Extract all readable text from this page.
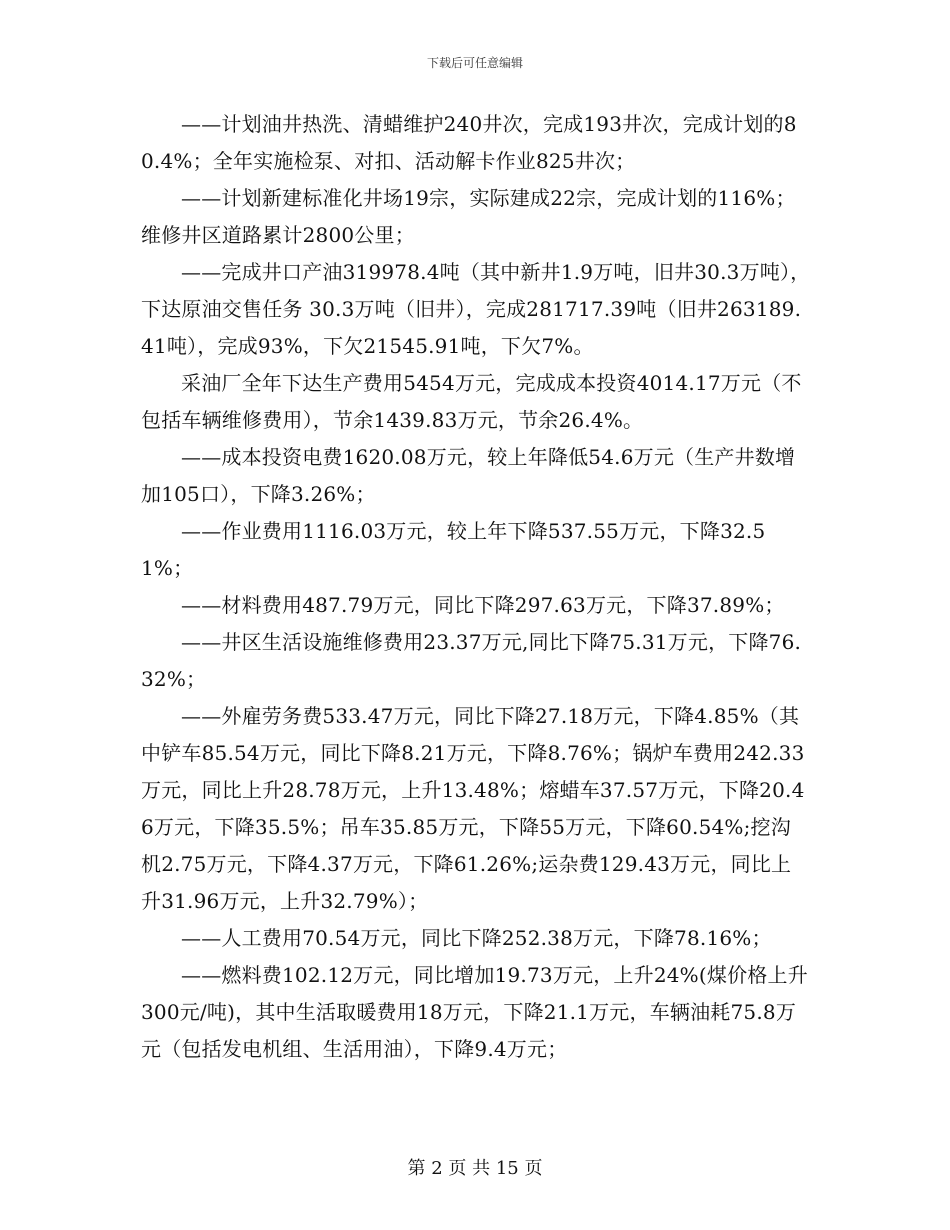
下载后可任意编辑

——计划油井热洗、清蜡维护240井次，完成193井次，完成计划的80.4%；全年实施检泵、对扣、活动解卡作业825井次；

——计划新建标准化井场19宗，实际建成22宗，完成计划的116%；维修井区道路累计2800公里；

——完成井口产油319978.4吨（其中新井1.9万吨，旧井30.3万吨），下达原油交售任务 30.3万吨（旧井），完成281717.39吨（旧井263189.41吨），完成93%，下欠21545.91吨，下欠7%。

采油厂全年下达生产费用5454万元，完成成本投资4014.17万元（不包括车辆维修费用），节余1439.83万元，节余26.4%。

——成本投资电费1620.08万元，较上年降低54.6万元（生产井数增加105口），下降3.26%；

——作业费用1116.03万元，较上年下降537.55万元，下降32.51%；

——材料费用487.79万元，同比下降297.63万元，下降37.89%；

——井区生活设施维修费用23.37万元,同比下降75.31万元，下降76.32%；

——外雇劳务费533.47万元，同比下降27.18万元，下降4.85%（其中铲车85.54万元，同比下降8.21万元，下降8.76%；锅炉车费用242.33万元，同比上升28.78万元，上升13.48%；熔蜡车37.57万元，下降20.46万元，下降35.5%；吊车35.85万元，下降55万元，下降60.54%;挖沟机2.75万元，下降4.37万元，下降61.26%;运杂费129.43万元，同比上升31.96万元，上升32.79%）；

——人工费用70.54万元，同比下降252.38万元，下降78.16%；

——燃料费102.12万元，同比增加19.73万元，上升24%(煤价格上升300元/吨)，其中生活取暖费用18万元，下降21.1万元，车辆油耗75.8万元（包括发电机组、生活用油），下降9.4万元；

第 2 页 共 15 页
